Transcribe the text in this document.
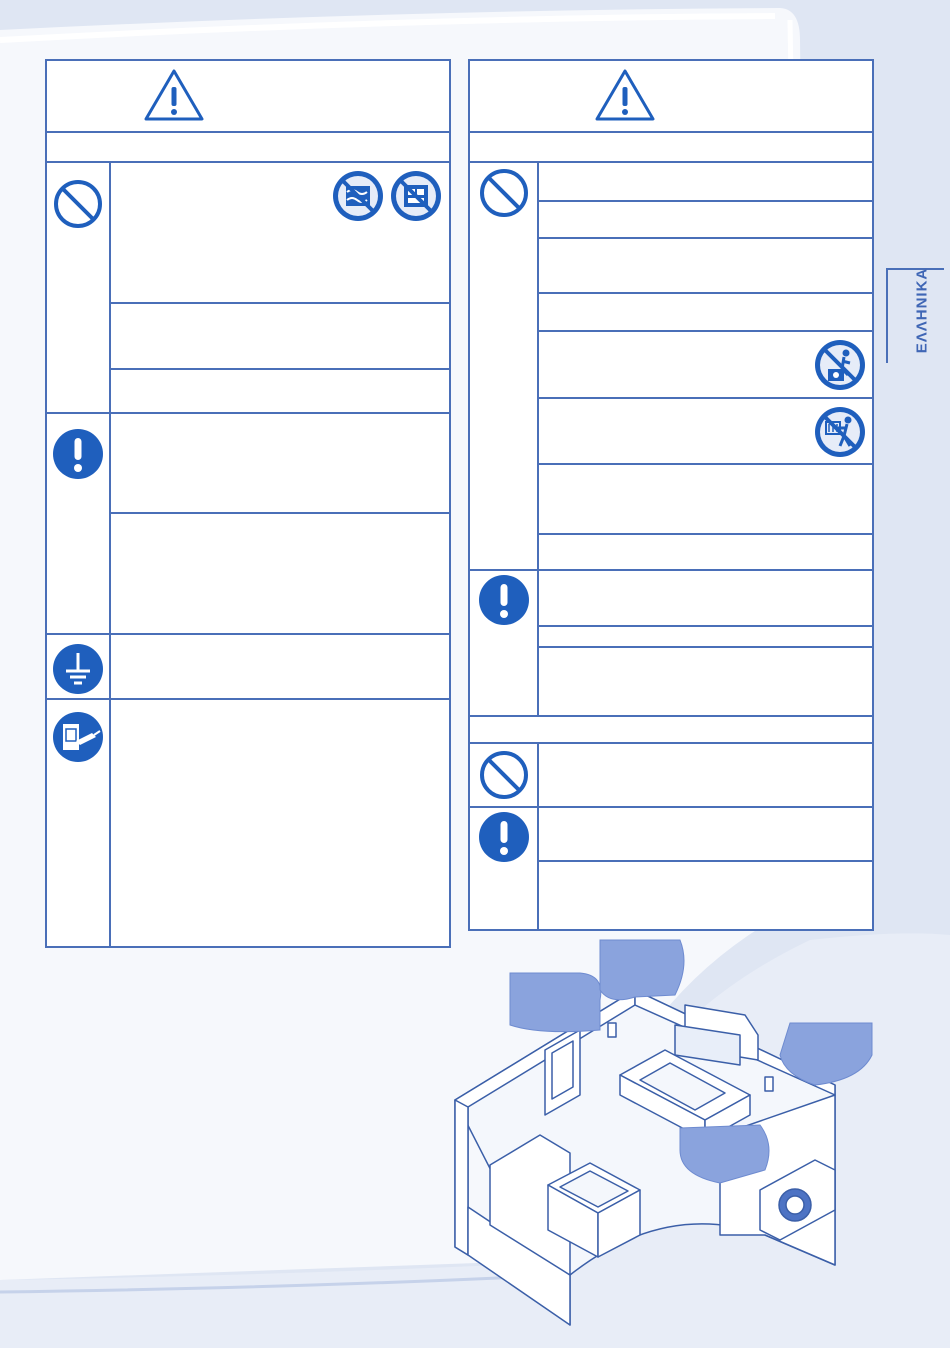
ΕΛΛΗΝΙΚΑ
